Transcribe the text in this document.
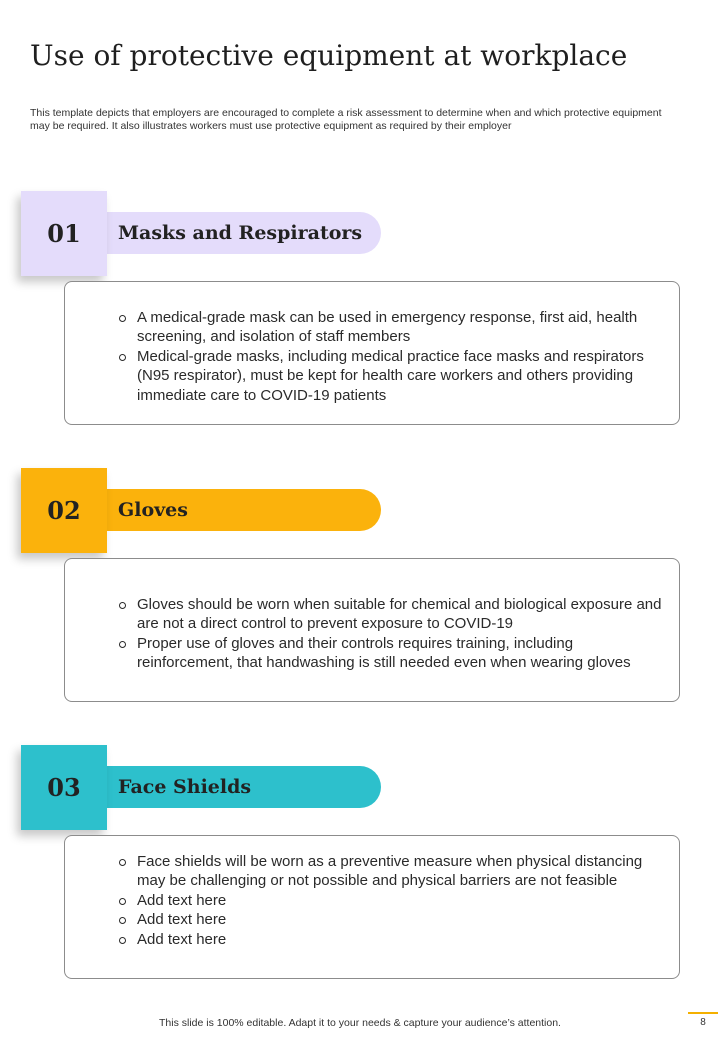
Use of protective equipment at workplace

This template depicts that employers are encouraged to complete a risk assessment to determine when and which protective equipment may be required. It also illustrates workers must use protective equipment as required by their employer

Masks and Respirators
01
A medical-grade mask can be used in emergency response, first aid, health screening, and isolation of staff members
Medical-grade masks, including medical practice face masks and respirators (N95 respirator), must be kept for health care workers and others providing immediate care to COVID-19 patients
Gloves
02
Gloves should be worn when suitable for chemical and biological exposure and are not a direct control to prevent exposure to COVID-19
Proper use of gloves and their controls requires training, including reinforcement, that handwashing is still needed even when wearing gloves
Face Shields
03
Face shields will be worn as a preventive measure when physical distancing may be challenging or not possible and physical barriers are not feasible
Add text here
Add text here
Add text here
This slide is 100% editable. Adapt it to your needs & capture your audience’s attention.	8
